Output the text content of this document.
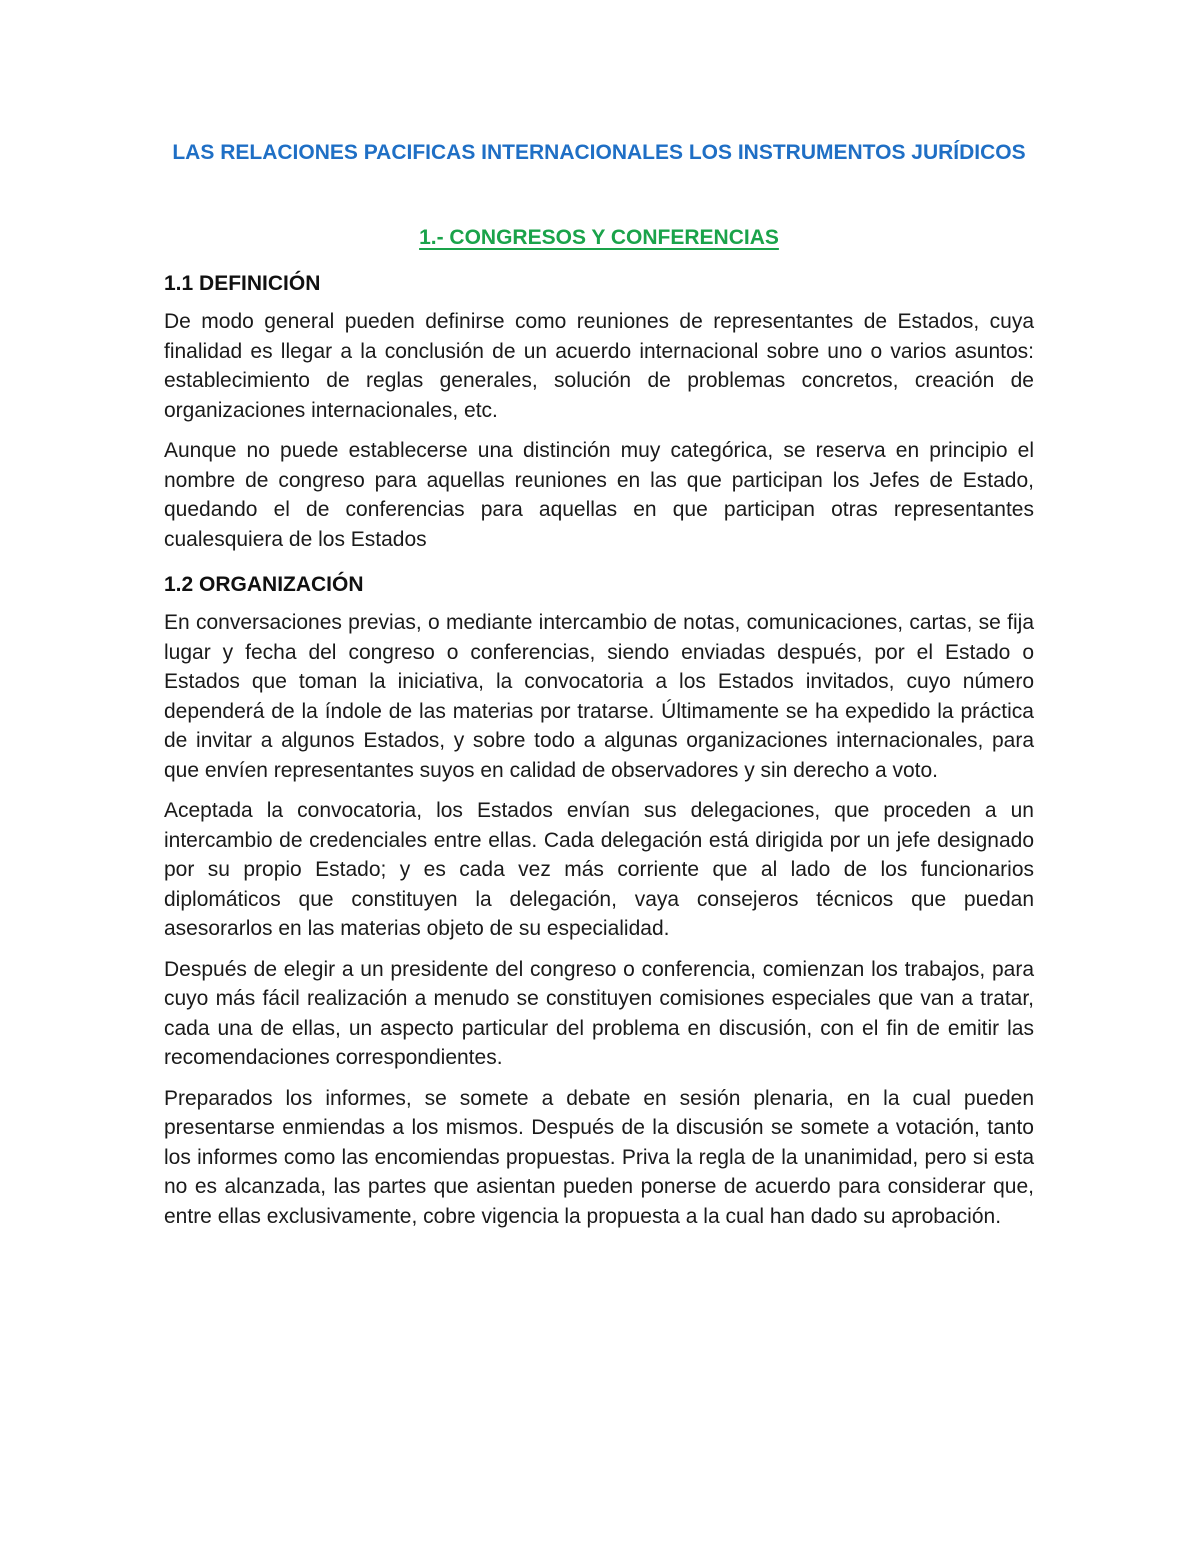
LAS RELACIONES PACIFICAS INTERNACIONALES LOS INSTRUMENTOS JURÍDICOS
1.- CONGRESOS Y CONFERENCIAS
1.1 DEFINICIÓN

De modo general pueden definirse como reuniones de representantes de Estados, cuya finalidad es llegar a la conclusión de un acuerdo internacional sobre uno o varios asuntos: establecimiento de reglas generales, solución de problemas concretos, creación de organizaciones internacionales, etc.

Aunque no puede establecerse una distinción muy categórica, se reserva en principio el nombre de congreso para aquellas reuniones en las que participan los Jefes de Estado, quedando el de conferencias para aquellas en que participan otras representantes cualesquiera de los Estados

1.2 ORGANIZACIÓN

En conversaciones previas, o mediante intercambio de notas, comunicaciones, cartas, se fija lugar y fecha del congreso o conferencias, siendo enviadas después, por el Estado o Estados que toman la iniciativa, la convocatoria a los Estados invitados, cuyo número dependerá de la índole de las materias por tratarse. Últimamente se ha expedido la práctica de invitar a algunos Estados, y sobre todo a algunas organizaciones internacionales, para que envíen representantes suyos en calidad de observadores y sin derecho a voto.

Aceptada la convocatoria, los Estados envían sus delegaciones, que proceden a un intercambio de credenciales entre ellas. Cada delegación está dirigida por un jefe designado por su propio Estado; y es cada vez más corriente que al lado de los funcionarios diplomáticos que constituyen la delegación, vaya consejeros técnicos que puedan asesorarlos en las materias objeto de su especialidad.

Después de elegir a un presidente del congreso o conferencia, comienzan los trabajos, para cuyo más fácil realización a menudo se constituyen comisiones especiales que van a tratar, cada una de ellas, un aspecto particular del problema en discusión, con el fin de emitir las recomendaciones correspondientes.

Preparados los informes, se somete a debate en sesión plenaria, en la cual pueden presentarse enmiendas a los mismos. Después de la discusión se somete a votación, tanto los informes como las encomiendas propuestas. Priva la regla de la unanimidad, pero si esta no es alcanzada, las partes que asientan pueden ponerse de acuerdo para considerar que, entre ellas exclusivamente, cobre vigencia la propuesta a la cual han dado su aprobación.
